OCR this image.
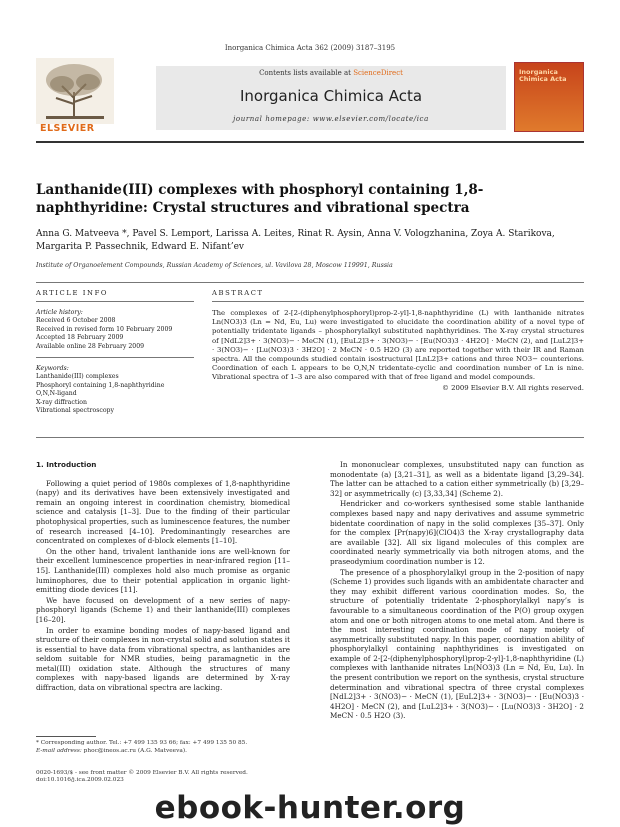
Inorganica Chimica Acta 362 (2009) 3187–3195
ELSEVIER
Contents lists available at ScienceDirect
Inorganica Chimica Acta
journal homepage: www.elsevier.com/locate/ica
Inorganica Chimica Acta
Lanthanide(III) complexes with phosphoryl containing 1,8-naphthyridine: Crystal structures and vibrational spectra
Anna G. Matveeva *, Pavel S. Lemport, Larissa A. Leites, Rinat R. Aysin, Anna V. Vologzhanina, Zoya A. Starikova, Margarita P. Passechnik, Edward E. Nifant’ev
Institute of Organoelement Compounds, Russian Academy of Sciences, ul. Vavilova 28, Moscow 119991, Russia
ARTICLE INFO	ABSTRACT
Article history:
Received 6 October 2008
Received in revised form 10 February 2009
Accepted 18 February 2009
Available online 28 February 2009
Keywords:
Lanthanide(III) complexes
Phosphoryl containing 1,8-naphthyridine
O,N,N-ligand
X-ray diffraction
Vibrational spectroscopy
The complexes of 2-[2-(diphenylphosphoryl)prop-2-yl]-1,8-naphthyridine (L) with lanthanide nitrates Ln(NO3)3 (Ln = Nd, Eu, Lu) were investigated to elucidate the coordination ability of a novel type of potentially tridentate ligands – phosphorylalkyl substituted naphthyridines. The X-ray crystal structures of [NdL2]3+ · 3(NO3)− · MeCN (1), [EuL2]3+ · 3(NO3)− · [Eu(NO3)3 · 4H2O] · MeCN (2), and [LuL2]3+ · 3(NO3)− · [Lu(NO3)3 · 3H2O] · 2 MeCN · 0.5 H2O (3) are reported together with their IR and Raman spectra. All the compounds studied contain isostructural [LnL2]3+ cations and three NO3− counterions. Coordination of each L appears to be O,N,N tridentate-cyclic and coordination number of Ln is nine. Vibrational spectra of 1–3 are also compared with that of free ligand and model compounds.
© 2009 Elsevier B.V. All rights reserved.
1. Introduction

Following a quiet period of 1980s complexes of 1,8-naphthyridine (napy) and its derivatives have been extensively investigated and remain an ongoing interest in coordination chemistry, biomedical science and catalysis [1–3]. Due to the finding of their particular photophysical properties, such as luminescence features, the number of research increased [4–10]. Predominantingly researches are concentrated on complexes of d-block elements [1–10].

On the other hand, trivalent lanthanide ions are well-known for their excellent luminescence properties in near-infrared region [11–15]. Lanthanide(III) complexes hold also much promise as organic luminophores, due to their potential application in organic light-emitting diode devices [11].

We have focused on development of a new series of napy-phosphoryl ligands (Scheme 1) and their lanthanide(III) complexes [16–20].

In order to examine bonding modes of napy-based ligand and structure of their complexes in non-crystal solid and solution states it is essential to have data from vibrational spectra, as lanthanides are seldom suitable for NMR studies, being paramagnetic in the metal(III) oxidation state. Although the structures of many complexes with napy-based ligands are determined by X-ray diffraction, data on vibrational spectra are lacking.

In mononuclear complexes, unsubstituted napy can function as monodentate (a) [3,21–31], as well as a bidentate ligand [3,29–34]. The latter can be attached to a cation either symmetrically (b) [3,29–32] or asymmetrically (c) [3,33,34] (Scheme 2).

Hendricker and co-workers synthesised some stable lanthanide complexes based napy and napy derivatives and assume symmetric bidentate coordination of napy in the solid complexes [35–37]. Only for the complex [Pr(napy)6](ClO4)3 the X-ray crystallography data are available [32]. All six ligand molecules of this complex are coordinated nearly symmetrically via both nitrogen atoms, and the praseodymium coordination number is 12.

The presence of a phosphorylalkyl group in the 2-position of napy (Scheme 1) provides such ligands with an ambidentate character and they may exhibit different various coordination modes. So, the structure of potentially tridentate 2-phosphorylalkyl napy’s is favourable to a simultaneous coordination of the P(O) group oxygen atom and one or both nitrogen atoms to one metal atom. And there is the most interesting coordination mode of napy moiety of asymmetrically substituted napy. In this paper, coordination ability of phosphorylalkyl containing naphthyridines is investigated on example of 2-[2-(diphenylphosphoryl)prop-2-yl]-1,8-naphthyridine (L) complexes with lanthanide nitrates Ln(NO3)3 (Ln = Nd, Eu, Lu). In the present contribution we report on the synthesis, crystal structure determination and vibrational spectra of three crystal complexes [NdL2]3+ · 3(NO3)− · MeCN (1), [EuL2]3+ · 3(NO3)− · [Eu(NO3)3 · 4H2O] · MeCN (2), and [LuL2]3+ · 3(NO3)− · [Lu(NO3)3 · 3H2O] · 2 MeCN · 0.5 H2O (3).

* Corresponding author. Tel.: +7 499 135 93 66; fax: +7 499 135 50 85.
E-mail address: phoc@ineos.ac.ru (A.G. Matveeva).
0020-1693/$ - see front matter © 2009 Elsevier B.V. All rights reserved.
doi:10.1016/j.ica.2009.02.023
ebook-hunter.org
